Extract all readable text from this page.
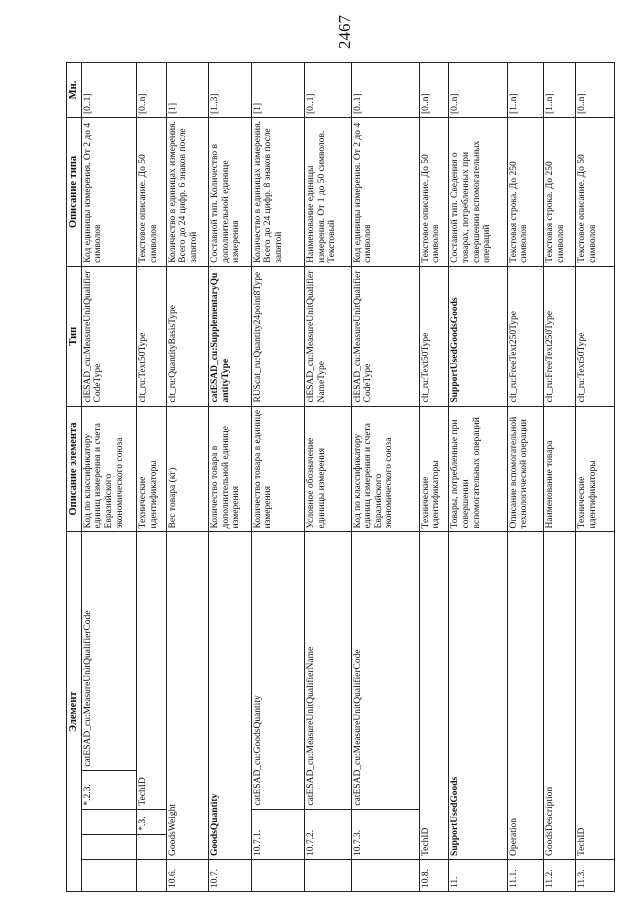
2467
Элемент					Описание элемента	Тип	Описание типа	Мн.
			*.2.3.	catESAD_cu:MeasureUnitQualifierCode	Код по классификатору единиц измерения и счета Евразийского экономического союза	clESAD_cu:MeasureUnitQualifierCodeType	Код единицы измерения. От 2 до 4 символов	[0..1]
		*.3.	TechID		Технические идентификаторы	clt_ru:Text50Type	Текстовое описание. До 50 символов	[0..n]
10.6.	GoodsWeight				Вес товара (кг)	clt_ru:QuantityBasisType	Количество в единицах измерения. Всего до 24 цифр. 6 знаков после запятой	[1]
10.7.	GoodsQuantity				Количество товара в дополнительной единице измерения	catESAD_cu:SupplementaryQuantityType	Составной тип. Количество в дополнительной единице измерения	[1..3]
	10.7.1.		catESAD_cu:GoodsQuantity		Количество товара в единице измерения	RUScat_ru:Quantity24point8Type	Количество в единицах измерения. Всего до 24 цифр. 8 знаков после запятой	[1]
	10.7.2.		catESAD_cu:MeasureUnitQualifierName		Условное обозначение единицы измерения	clESAD_cu:MeasureUnitQualifierNameType	Наименование единицы измерения. От 1 до 50 символов. Текстовый	[0..1]
	10.7.3.		catESAD_cu:MeasureUnitQualifierCode		Код по классификатору единиц измерения и счета Евразийского экономического союза	clESAD_cu:MeasureUnitQualifierCodeType	Код единицы измерения. От 2 до 4 символов	[0..1]
10.8.	TechID				Технические идентификаторы	clt_ru:Text50Type	Текстовое описание. До 50 символов	[0..n]
11.	SupportUsedGoods				Товары, потребленные при совершении вспомогательных операций	SupportUsedGoodsGoods	Составной тип. Сведения о товарах, потребленных при совершении вспомогательных операций	[0..n]
11.1.	Operation				Описание вспомогательной технологической операции	clt_ru:FreeText250Type	Текстовая строка. До 250 символов	[1..n]
11.2.	GoodsDescription				Наименование товара	clt_ru:FreeText250Type	Текстовая строка. До 250 символов	[1..n]
11.3.	TechID				Технические идентификаторы	clt_ru:Text50Type	Текстовое описание. До 50 символов	[0..n]
